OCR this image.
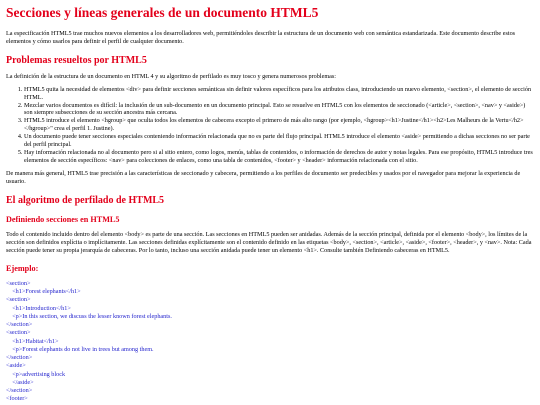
Secciones y líneas generales de un documento HTML5

La especificación HTML5 trae muchos nuevos elementos a los desarrolladores web, permitiéndoles describir la estructura de un documento web con semántica estandarizada. Este documento describe estos elementos y cómo usarlos para definir el perfil de cualquier documento.

Problemas resueltos por HTML5

La definición de la estructura de un documento en HTML 4 y su algoritmo de perfilado es muy tosco y genera numerosos problemas:

1. HTML5 quita la necesidad de elementos <div> para definir secciones semánticas sin definir valores específicos para los atributos class, introduciendo un nuevo elemento, <section>, el elemento de sección HTML.
2. Mezclar varios documentos es difícil: la inclusión de un sub-documento en un documento principal. Esto se resuelve en HTML5 con los elementos de seccionado (<article>, <section>, <nav> y <aside>) son siempre subsecciones de su sección ancestra más cercana.
3. HTML5 introduce el elemento <hgroup> que oculta todos los elementos de cabecera excepto el primero de más alto rango (por ejemplo, <hgroup><h1>Justine</h1><h2>Les Malheurs de la Vertu</h2></hgroup>" crea el perfil 1. Justine).
4. Un documento puede tener secciones especiales conteniendo información relacionada que no es parte del flujo principal. HTML5 introduce el elemento <aside> permitiendo a dichas secciones no ser parte del perfil principal.
5. Hay información relacionada no al documento pero si al sitio entero, como logos, menús, tablas de contenidos, o información de derechos de autor y notas legales. Para ese propósito, HTML5 introduce tres elementos de sección específicos: <nav> para colecciones de enlaces, como una tabla de contenidos, <footer> y <header> información relacionada con el sitio.

De manera más general, HTML5 trae precisión a las características de seccionado y cabecera, permitiendo a los perfiles de documento ser predecibles y usados por el navegador para mejorar la experiencia de usuario.

El algoritmo de perfilado de HTML5
Definiendo secciones en HTML5

Todo el contenido incluido dentro del elemento <body> es parte de una sección. Las secciones en HTML5 pueden ser anidadas. Además de la sección principal, definida por el elemento <body>, los límites de la sección son definidos explícita o implícitamente. Las secciones definidas explícitamente son el contenido definido en las etiquetas <body>, <section>, <article>, <aside>, <footer>, <header>, y <nav>. Nota: Cada sección puede tener su propia jerarquía de cabeceras. Por lo tanto, incluso una sección anidada puede tener un elemento <h1>. Consulte también Definiendo cabeceras en HTML5.

Ejemplo:
<section>
<h1>Forest elephants</h1>
<section>
<h1>Introduction</h1>
<p>In this section, we discuss the lesser known forest elephants.
</section>
<section>
<h1>Habitat</h1>
<p>Forest elephants do not live in trees but among them.
</section>
<aside>
<p>advertising block
</aside>
</section>
<footer>
